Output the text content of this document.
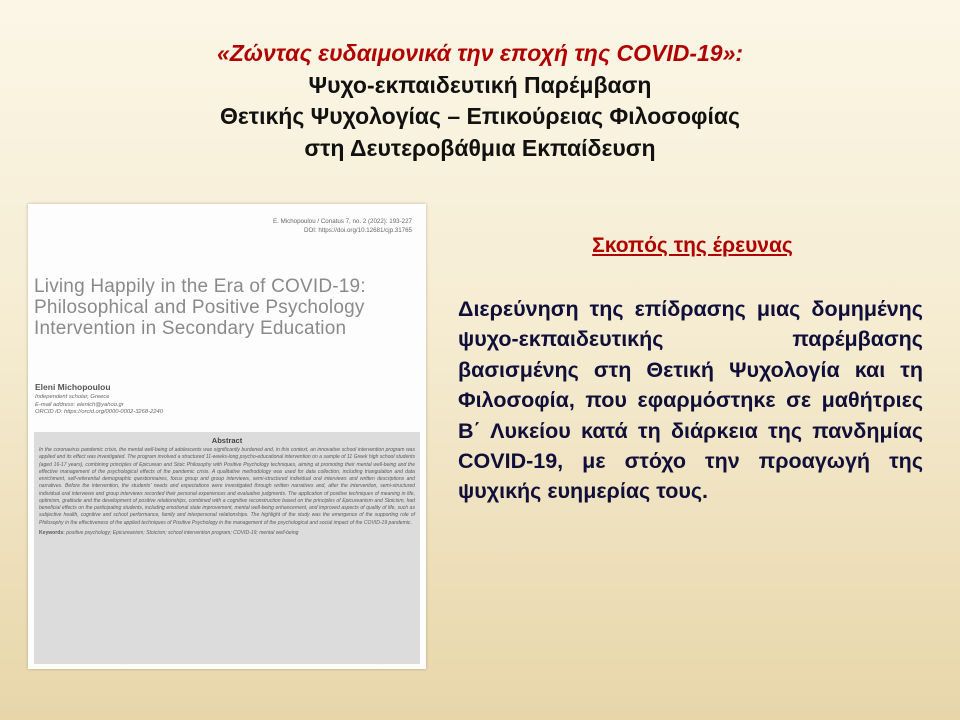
«Ζώντας ευδαιμονικά την εποχή της COVID-19»:
Ψυχο-εκπαιδευτική Παρέμβαση
Θετικής Ψυχολογίας – Επικούρειας Φιλοσοφίας
στη Δευτεροβάθμια Εκπαίδευση
E. Michopoulou / Conatus 7, no. 2 (2022): 193-227
DOI: https://doi.org/10.12681/cjp.31765
Living Happily in the Era of COVID-19: Philosophical and Positive Psychology Intervention in Secondary Education
Eleni Michopoulou
Independent scholar, Greece
E-mail address: elenich@yahoo.gr
ORCID iD: https://orcid.org/0000-0002-3268-2240
Abstract
In the coronavirus pandemic crisis, the mental well-being of adolescents was significantly burdened and, in this context, an innovative school intervention program was applied and its effect was investigated. The program involved a structured 11-weeks-long psycho-educational intervention on a sample of 11 Greek high school students (aged 16-17 years), combining principles of Epicurean and Stoic Philosophy with Positive Psychology techniques, aiming at promoting their mental well-being and the effective management of the psychological effects of the pandemic crisis. A qualitative methodology was used for data collection, including triangulation and data enrichment, self-referential demographic questionnaires, focus group and group interviews, semi-structured individual oral interviews and written descriptions and narratives. Before the intervention, the students' needs and expectations were investigated through written narratives and, after the intervention, semi-structured individual oral interviews and group interviews recorded their personal experiences and evaluative judgments. The application of positive techniques of meaning in life, optimism, gratitude and the development of positive relationships, combined with a cognitive reconstruction based on the principles of Epicureanism and Stoicism, had beneficial effects on the participating students, including emotional state improvement, mental well-being enhancement, and improved aspects of quality of life, such as subjective health, cognitive and school performance, family and interpersonal relationships. The highlight of the study was the emergence of the supporting role of Philosophy in the effectiveness of the applied techniques of Positive Psychology in the management of the psychological and social impact of the COVID-19 pandemic.
Keywords: positive psychology; Epicureanism; Stoicism; school intervention program; COVID-19; mental well-being
Σκοπός της έρευνας
Διερεύνηση της επίδρασης μιας δομημένης ψυχο-εκπαιδευτικής παρέμβασης βασισμένης στη Θετική Ψυχολογία και τη Φιλοσοφία, που εφαρμόστηκε σε μαθήτριες Β΄ Λυκείου κατά τη διάρκεια της πανδημίας COVID-19, με στόχο την προαγωγή της ψυχικής ευημερίας τους.
